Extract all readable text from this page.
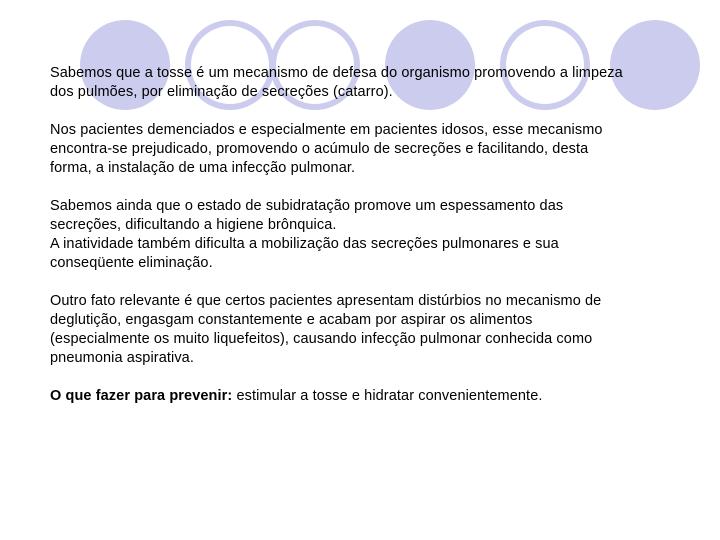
Sabemos que a tosse é um mecanismo de defesa do organismo promovendo a limpeza
dos pulmões, por eliminação de secreções (catarro).
Nos pacientes demenciados e especialmente em pacientes idosos, esse mecanismo
encontra-se prejudicado, promovendo o acúmulo de secreções e facilitando, desta
forma, a instalação de uma infecção pulmonar.
Sabemos ainda que o estado de subidratação promove um espessamento das
secreções, dificultando a higiene brônquica.
A inatividade também dificulta a mobilização das secreções pulmonares e sua
conseqüente eliminação.
Outro fato relevante é que certos pacientes apresentam distúrbios no mecanismo de
deglutição, engasgam constantemente e acabam por aspirar os alimentos
(especialmente os muito liquefeitos), causando infecção pulmonar conhecida como
pneumonia aspirativa.
O que fazer para prevenir: estimular a tosse e hidratar convenientemente.
